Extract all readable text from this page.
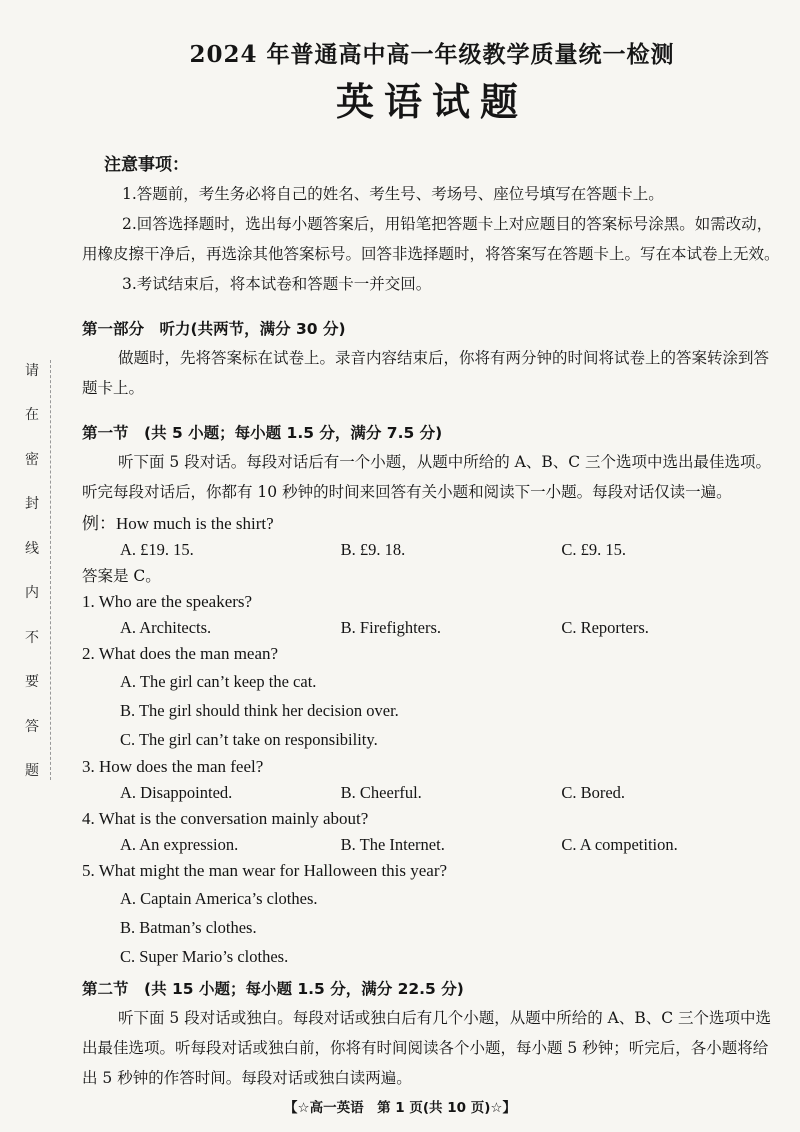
请
在
密
封
线
内
不
要
答
题
2024 年普通高中高一年级教学质量统一检测
英语试题
注意事项：

1.答题前，考生务必将自己的姓名、考生号、考场号、座位号填写在答题卡上。

2.回答选择题时，选出每小题答案后，用铅笔把答题卡上对应题目的答案标号涂黑。如需改动，用橡皮擦干净后，再选涂其他答案标号。回答非选择题时，将答案写在答题卡上。写在本试卷上无效。

3.考试结束后，将本试卷和答题卡一并交回。

第一部分　听力(共两节，满分 30 分)

做题时，先将答案标在试卷上。录音内容结束后，你将有两分钟的时间将试卷上的答案转涂到答题卡上。

第一节　(共 5 小题；每小题 1.5 分，满分 7.5 分)

听下面 5 段对话。每段对话后有一个小题，从题中所给的 A、B、C 三个选项中选出最佳选项。听完每段对话后，你都有 10 秒钟的时间来回答有关小题和阅读下一小题。每段对话仅读一遍。

例：How much is the shirt?

A. £19. 15.	B. £9. 18.	C. £9. 15.

答案是 C。

1. Who are the speakers?

A. Architects.	B. Firefighters.	C. Reporters.

2. What does the man mean?

A. The girl can’t keep the cat.
B. The girl should think her decision over.
C. The girl can’t take on responsibility.

3. How does the man feel?

A. Disappointed.	B. Cheerful.	C. Bored.

4. What is the conversation mainly about?

A. An expression.	B. The Internet.	C. A competition.

5. What might the man wear for Halloween this year?

A. Captain America’s clothes.
B. Batman’s clothes.
C. Super Mario’s clothes.
第二节　(共 15 小题；每小题 1.5 分，满分 22.5 分)

听下面 5 段对话或独白。每段对话或独白后有几个小题，从题中所给的 A、B、C 三个选项中选出最佳选项。听每段对话或独白前，你将有时间阅读各个小题，每小题 5 秒钟；听完后，各小题将给出 5 秒钟的作答时间。每段对话或独白读两遍。

【☆高一英语　第 1 页(共 10 页)☆】
